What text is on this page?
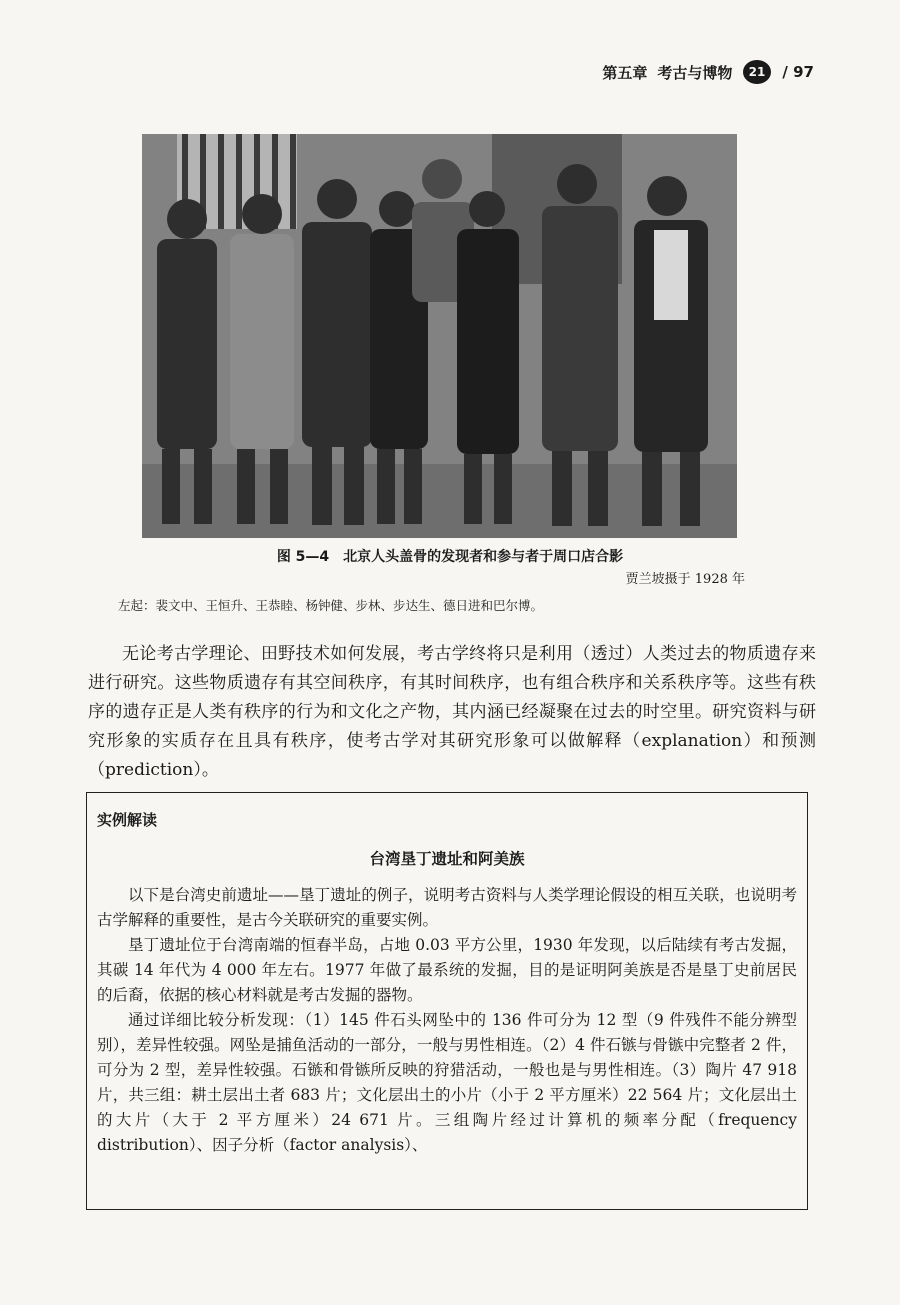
第五章 考古与博物 21 / 97
图 5—4　北京人头盖骨的发现者和参与者于周口店合影
贾兰坡摄于 1928 年
左起：裴文中、王恒升、王恭睦、杨钟健、步林、步达生、德日进和巴尔博。
无论考古学理论、田野技术如何发展，考古学终将只是利用（透过）人类过去的物质遗存来进行研究。这些物质遗存有其空间秩序，有其时间秩序，也有组合秩序和关系秩序等。这些有秩序的遗存正是人类有秩序的行为和文化之产物，其内涵已经凝聚在过去的时空里。研究资料与研究形象的实质存在且具有秩序，使考古学对其研究形象可以做解释（explanation）和预测（prediction）。
实例解读
台湾垦丁遗址和阿美族

以下是台湾史前遗址——垦丁遗址的例子，说明考古资料与人类学理论假设的相互关联，也说明考古学解释的重要性，是古今关联研究的重要实例。

垦丁遗址位于台湾南端的恒春半岛，占地 0.03 平方公里，1930 年发现，以后陆续有考古发掘，其碳 14 年代为 4 000 年左右。1977 年做了最系统的发掘，目的是证明阿美族是否是垦丁史前居民的后裔，依据的核心材料就是考古发掘的器物。

通过详细比较分析发现：（1）145 件石头网坠中的 136 件可分为 12 型（9 件残件不能分辨型别），差异性较强。网坠是捕鱼活动的一部分，一般与男性相连。（2）4 件石镞与骨镞中完整者 2 件，可分为 2 型，差异性较强。石镞和骨镞所反映的狩猎活动，一般也是与男性相连。（3）陶片 47 918 片，共三组：耕土层出土者 683 片；文化层出土的小片（小于 2 平方厘米）22 564 片；文化层出土的大片（大于 2 平方厘米）24 671 片。三组陶片经过计算机的频率分配（frequency distribution）、因子分析（factor analysis）、
